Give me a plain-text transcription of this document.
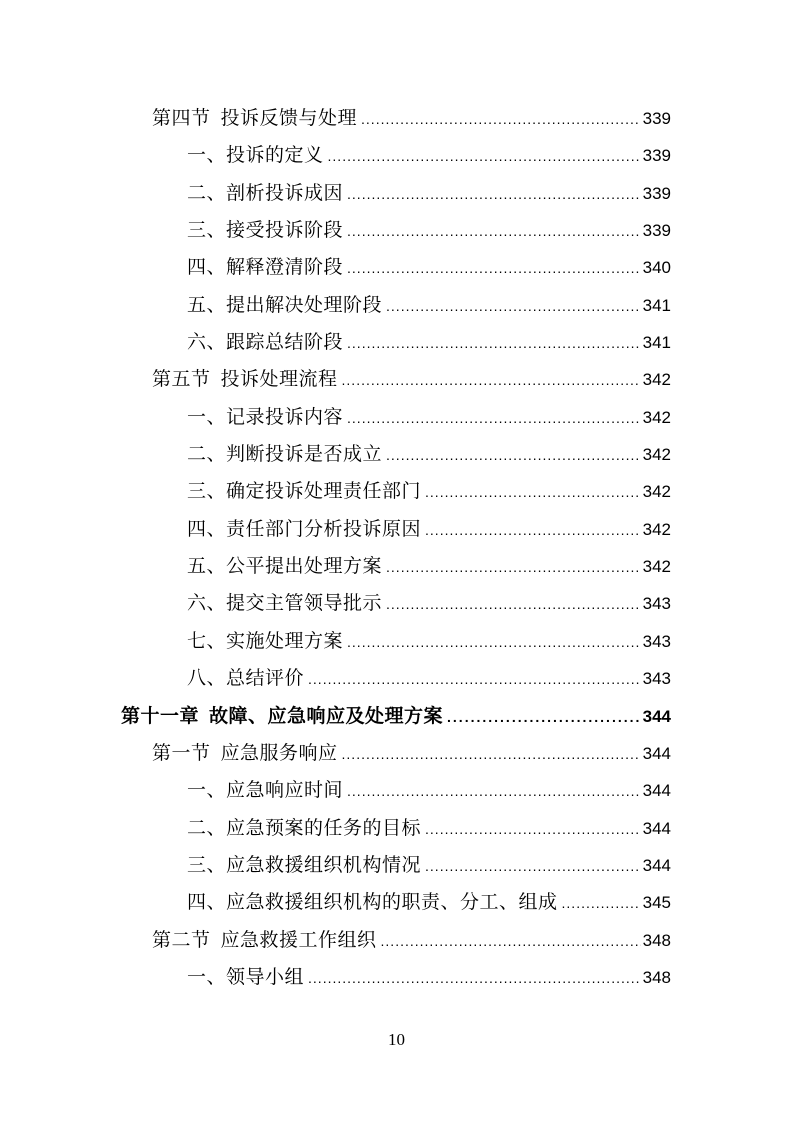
第四节 投诉反馈与处理 .....	339
一、投诉的定义 .....	339
二、剖析投诉成因 .....	339
三、接受投诉阶段 .....	339
四、解释澄清阶段 .....	340
五、提出解决处理阶段 .....	341
六、跟踪总结阶段 .....	341
第五节 投诉处理流程 .....	342
一、记录投诉内容 .....	342
二、判断投诉是否成立 .....	342
三、确定投诉处理责任部门 .....	342
四、责任部门分析投诉原因 .....	342
五、公平提出处理方案 .....	342
六、提交主管领导批示 .....	343
七、实施处理方案 .....	343
八、总结评价 .....	343
第十一章 故障、应急响应及处理方案 .....	344
第一节 应急服务响应 .....	344
一、应急响应时间 .....	344
二、应急预案的任务的目标 .....	344
三、应急救援组织机构情况 .....	344
四、应急救援组织机构的职责、分工、组成 .....	345
第二节 应急救援工作组织 .....	348
一、领导小组 .....	348
10
